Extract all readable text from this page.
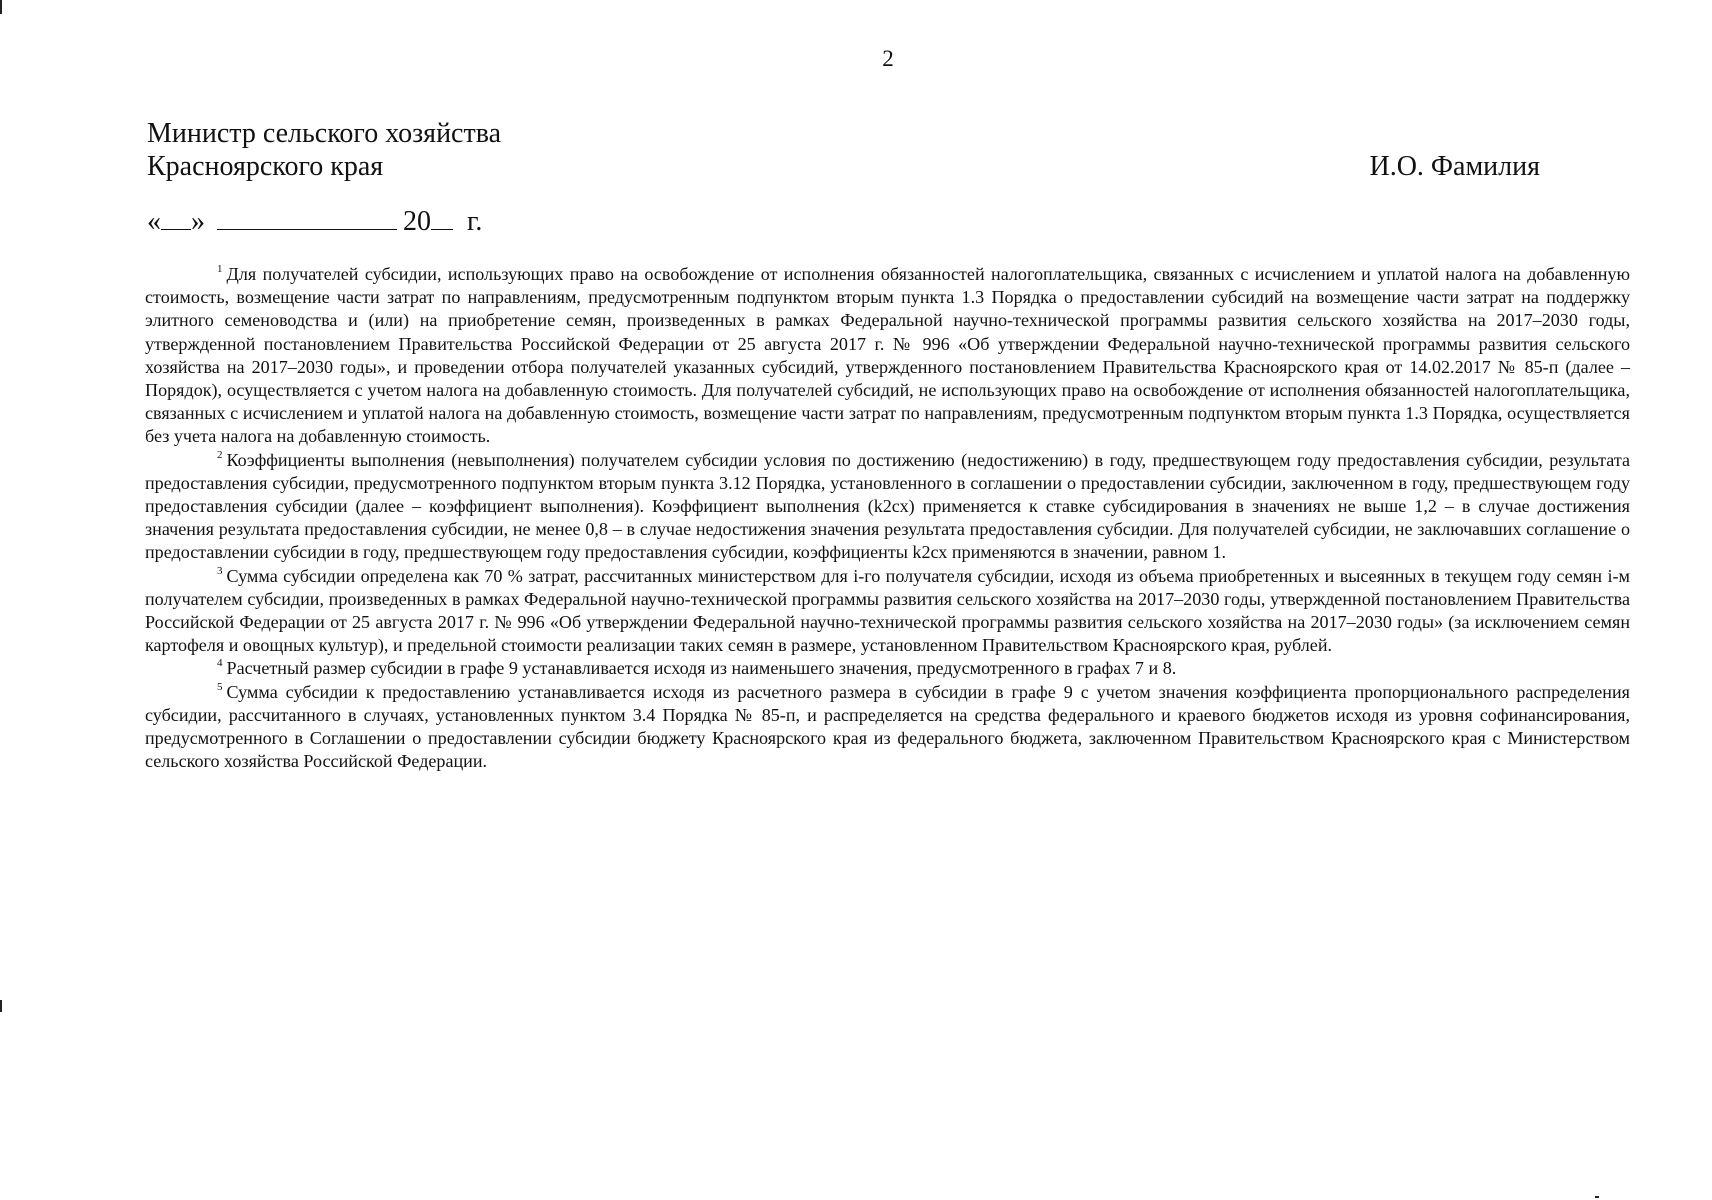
2
Министр сельского хозяйства
Красноярского края	И.О. Фамилия
« »	20 г.

$^1$ Для получателей субсидии, использующих право на освобождение от исполнения обязанностей налогоплательщика, связанных с исчислением и уплатой налога на добавленную стоимость, возмещение части затрат по направлениям, предусмотренным подпунктом вторым пункта 1.3 Порядка о предоставлении субсидий на возмещение части затрат на поддержку элитного семеноводства и (или) на приобретение семян, произведенных в рамках Федеральной научно-технической программы развития сельского хозяйства на 2017–2030 годы, утвержденной постановлением Правительства Российской Федерации от 25 августа 2017 г. № 996 «Об утверждении Федеральной научно-технической программы развития сельского хозяйства на 2017–2030 годы», и проведении отбора получателей указанных субсидий, утвержденного постановлением Правительства Красноярского края от 14.02.2017 № 85-п (далее – Порядок), осуществляется с учетом налога на добавленную стоимость. Для получателей субсидий, не использующих право на освобождение от исполнения обязанностей налогоплательщика, связанных с исчислением и уплатой налога на добавленную стоимость, возмещение части затрат по направлениям, предусмотренным подпунктом вторым пункта 1.3 Порядка, осуществляется без учета налога на добавленную стоимость.

$^2$ Коэффициенты выполнения (невыполнения) получателем субсидии условия по достижению (недостижению) в году, предшествующем году предоставления субсидии, результата предоставления субсидии, предусмотренного подпунктом вторым пункта 3.12 Порядка, установленного в соглашении о предоставлении субсидии, заключенном в году, предшествующем году предоставления субсидии (далее – коэффициент выполнения). Коэффициент выполнения (k2сх) применяется к ставке субсидирования в значениях не выше 1,2 – в случае достижения значения результата предоставления субсидии, не менее 0,8 – в случае недостижения значения результата предоставления субсидии. Для получателей субсидии, не заключавших соглашение о предоставлении субсидии в году, предшествующем году предоставления субсидии, коэффициенты k2сх применяются в значении, равном 1.

$^3$ Сумма субсидии определена как 70 % затрат, рассчитанных министерством для i-го получателя субсидии, исходя из объема приобретенных и высеянных в текущем году семян i-м получателем субсидии, произведенных в рамках Федеральной научно-технической программы развития сельского хозяйства на 2017–2030 годы, утвержденной постановлением Правительства Российской Федерации от 25 августа 2017 г. № 996 «Об утверждении Федеральной научно-технической программы развития сельского хозяйства на 2017–2030 годы» (за исключением семян картофеля и овощных культур), и предельной стоимости реализации таких семян в размере, установленном Правительством Красноярского края, рублей.

$^4$ Расчетный размер субсидии в графе 9 устанавливается исходя из наименьшего значения, предусмотренного в графах 7 и 8.

$^5$ Сумма субсидии к предоставлению устанавливается исходя из расчетного размера в субсидии в графе 9 с учетом значения коэффициента пропорционального распределения субсидии, рассчитанного в случаях, установленных пунктом 3.4 Порядка № 85-п, и распределяется на средства федерального и краевого бюджетов исходя из уровня софинансирования, предусмотренного в Соглашении о предоставлении субсидии бюджету Красноярского края из федерального бюджета, заключенном Правительством Красноярского края с Министерством сельского хозяйства Российской Федерации.
